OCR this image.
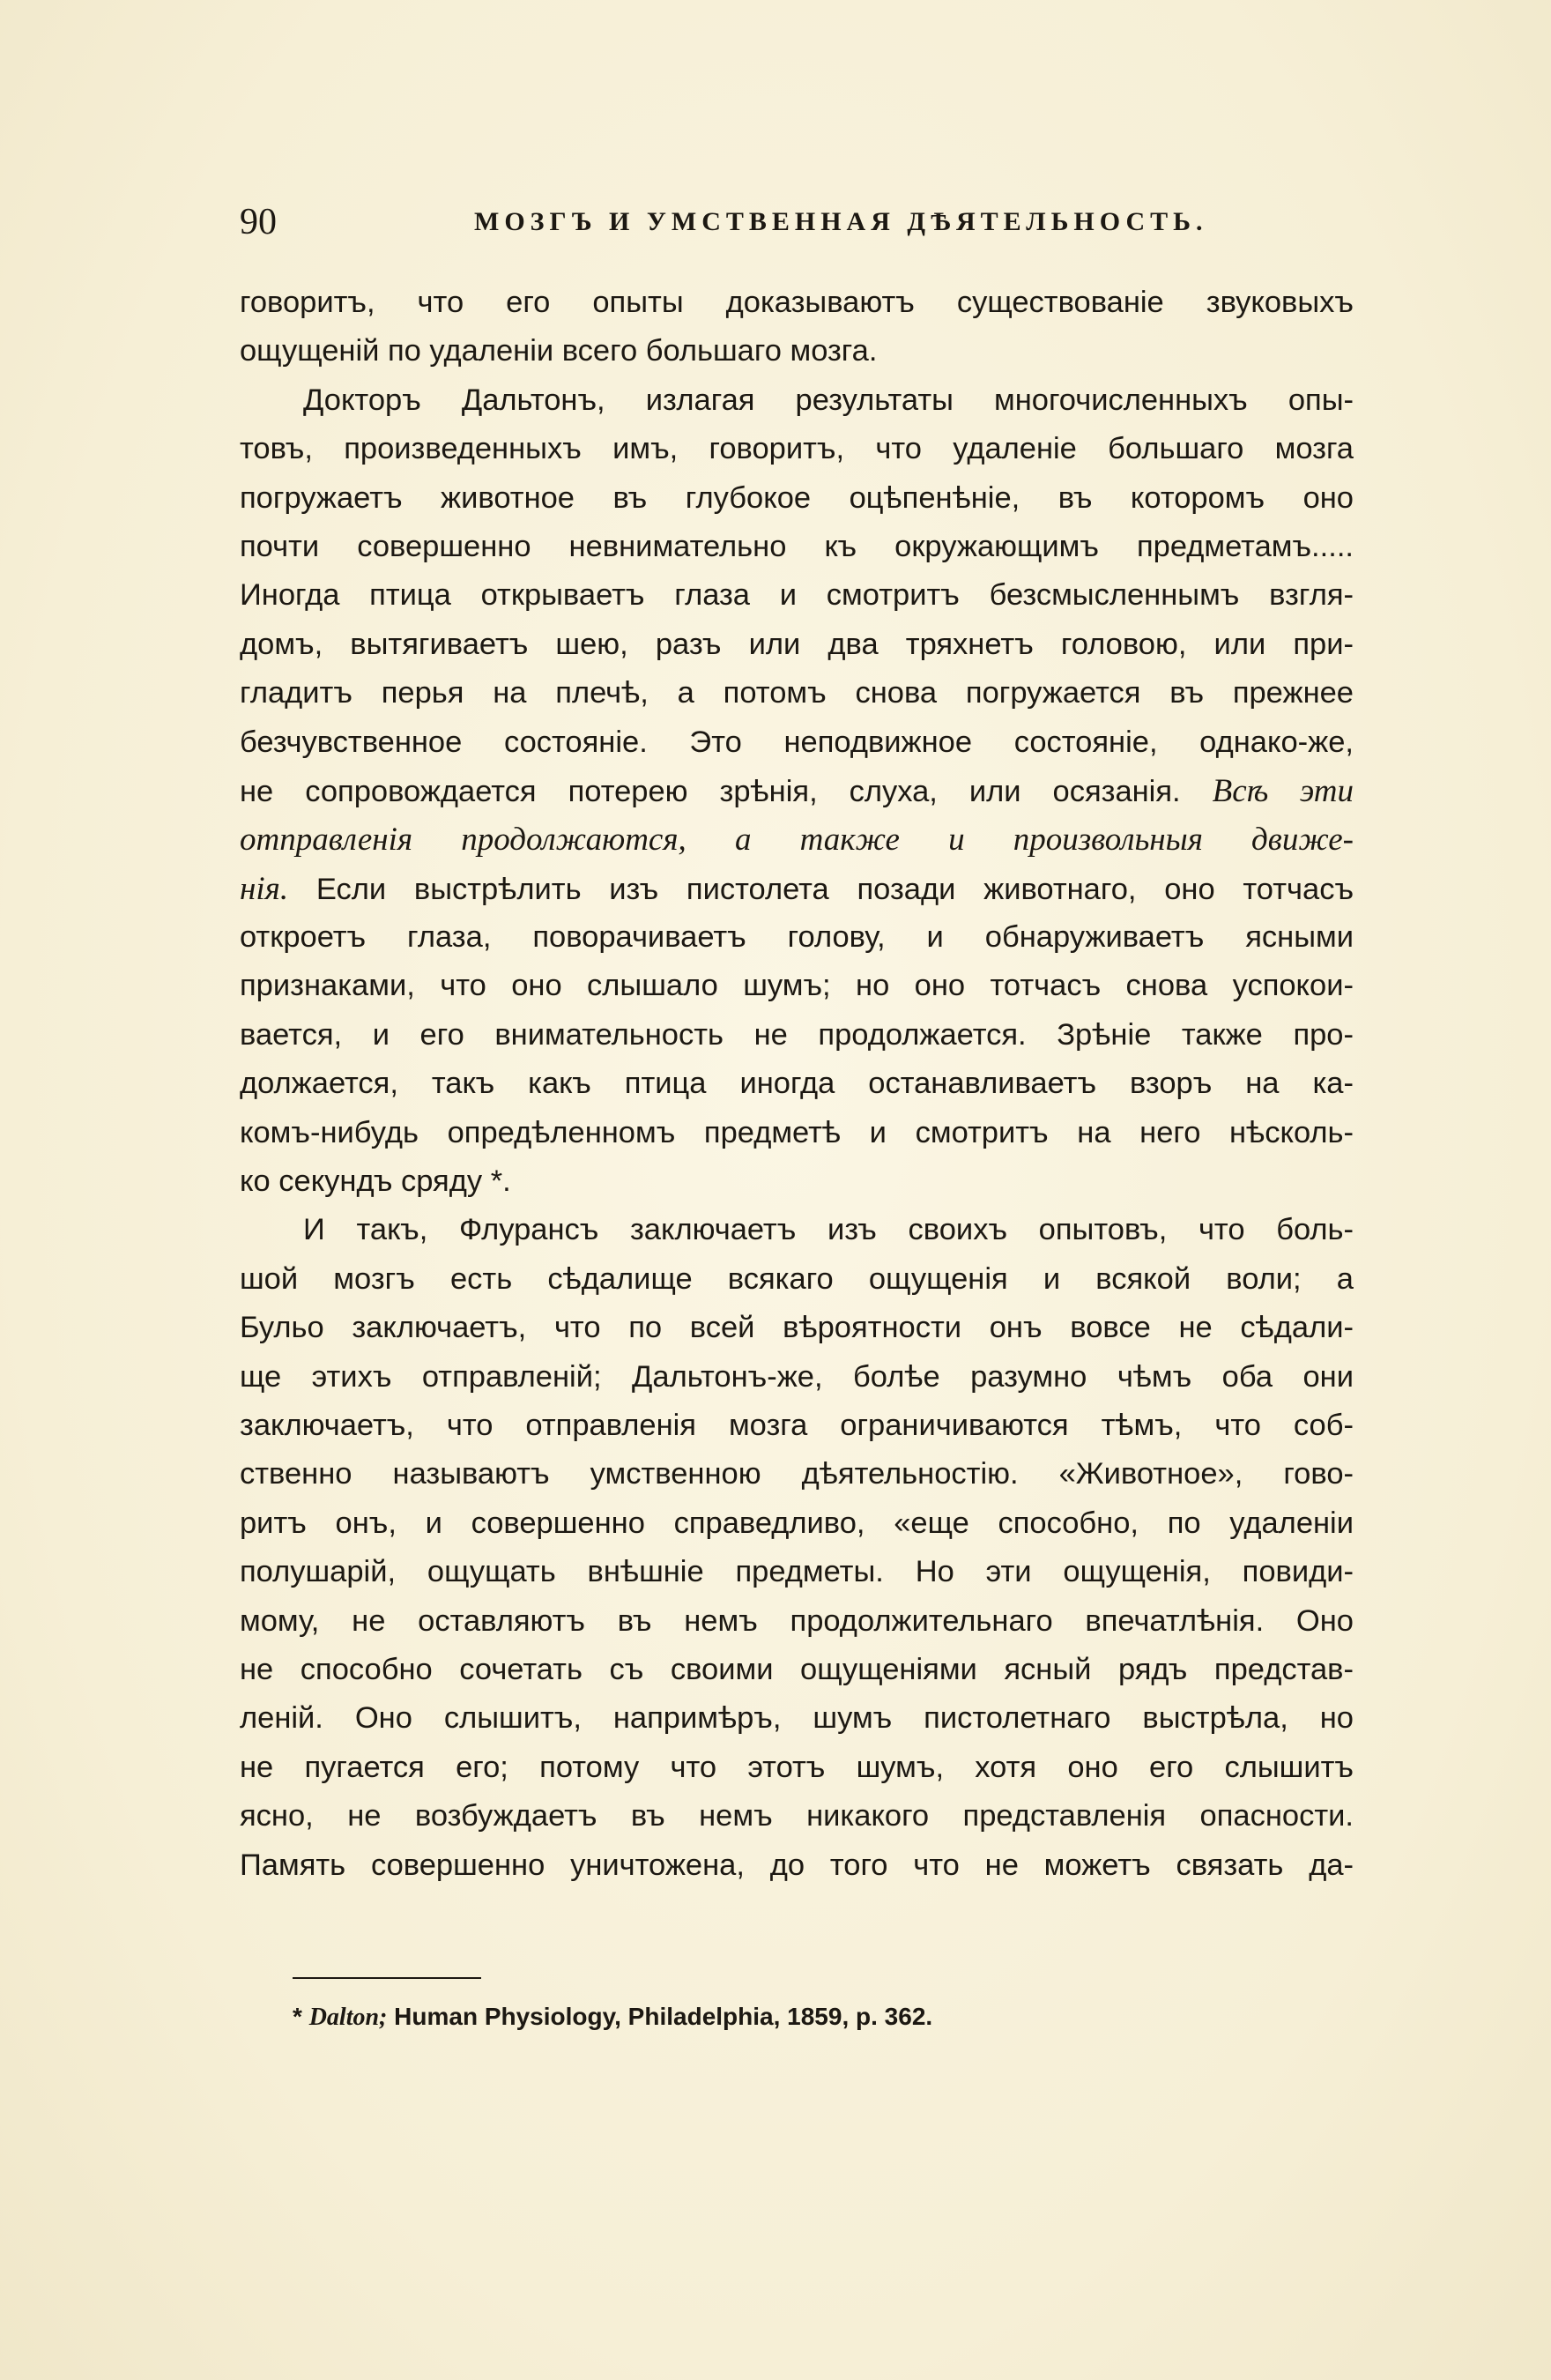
90	МОЗГЪ И УМСТВЕННАЯ ДѢЯТЕЛЬНОСТЬ.
говоритъ, что его опыты доказываютъ существованіе звуковыхъ
ощущеній по удаленіи всего большаго мозга.
Докторъ Дальтонъ, излагая результаты многочисленныхъ опы-
товъ, произведенныхъ имъ, говоритъ, что удаленіе большаго мозга
погружаетъ животное въ глубокое оцѣпенѣніе, въ которомъ оно
почти совершенно невнимательно къ окружающимъ предметамъ.....
Иногда птица открываетъ глаза и смотритъ безсмысленнымъ взгля-
домъ, вытягиваетъ шею, разъ или два тряхнетъ головою, или при-
гладитъ перья на плечѣ, а потомъ снова погружается въ прежнее
безчувственное состояніе. Это неподвижное состояніе, однако-же,
не сопровождается потерею зрѣнія, слуха, или осязанія. Всѣ эти
отправленія продолжаются, а также и произвольныя движе-
нія. Если выстрѣлить изъ пистолета позади животнаго, оно тотчасъ
откроетъ глаза, поворачиваетъ голову, и обнаруживаетъ ясными
признаками, что оно слышало шумъ; но оно тотчасъ снова успокои-
вается, и его внимательность не продолжается. Зрѣніе также про-
должается, такъ какъ птица иногда останавливаетъ взоръ на ка-
комъ-нибудь опредѣленномъ предметѣ и смотритъ на него нѣсколь-
ко секундъ сряду *.
И такъ, Флурансъ заключаетъ изъ своихъ опытовъ, что боль-
шой мозгъ есть сѣдалище всякаго ощущенія и всякой воли; а
Бульо заключаетъ, что по всей вѣроятности онъ вовсе не сѣдали-
ще этихъ отправленій; Дальтонъ-же, болѣе разумно чѣмъ оба они
заключаетъ, что отправленія мозга ограничиваются тѣмъ, что соб-
ственно называютъ умственною дѣятельностію. «Животное», гово-
ритъ онъ, и совершенно справедливо, «еще способно, по удаленіи
полушарій, ощущать внѣшніе предметы. Но эти ощущенія, повиди-
мому, не оставляютъ въ немъ продолжительнаго впечатлѣнія. Оно
не способно сочетать съ своими ощущеніями ясный рядъ представ-
леній. Оно слышитъ, напримѣръ, шумъ пистолетнаго выстрѣла, но
не пугается его; потому что этотъ шумъ, хотя оно его слышитъ
ясно, не возбуждаетъ въ немъ никакого представленія опасности.
Память совершенно уничтожена, до того что не можетъ связать да-
* Dalton; Human Physiology, Philadelphia, 1859, p. 362.
